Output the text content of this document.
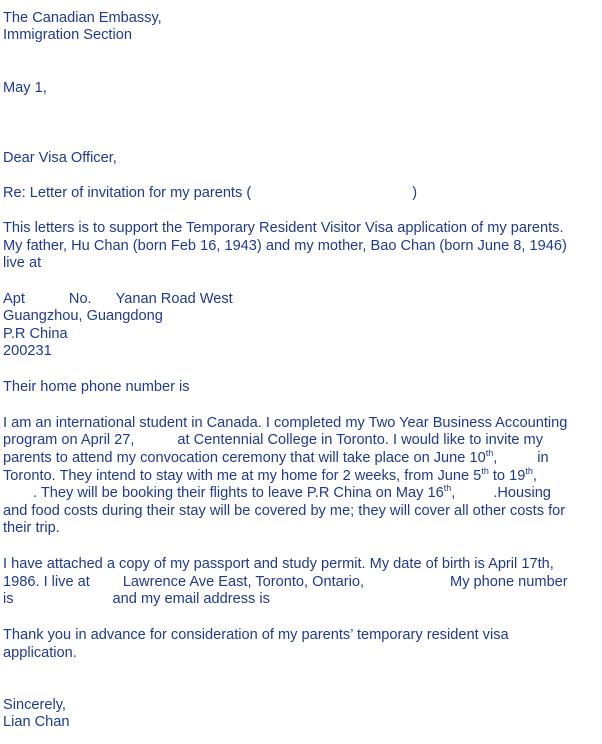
The Canadian Embassy,
Immigration Section
May 1,
Dear Visa Officer,
Re: Letter of invitation for my parents (	)
This letters is to support the Temporary Resident Visitor Visa application of my parents.
My father, Hu Chan (born Feb 16, 1943) and my mother, Bao Chan (born June 8, 1946)
live at
Apt	No. Yanan Road West
Guangzhou, Guangdong
P.R China
200231
Their home phone number is
I am an international student in Canada. I completed my Two Year Business Accounting
program on April 27,	at Centennial College in Toronto. I would like to invite my
parents to attend my convocation ceremony that will take place on June 10th,	in
Toronto. They intend to stay with me at my home for 2 weeks, from June 5th to 19th,
. They will be booking their flights to leave P.R China on May 16th,	.Housing
and food costs during their stay will be covered by me; they will cover all other costs for
their trip.
I have attached a copy of my passport and study permit. My date of birth is April 17th,
1986. I live at Lawrence Ave East, Toronto, Ontario,	My phone number
is	and my email address is
Thank you in advance for consideration of my parents’ temporary resident visa
application.
Sincerely,
Lian Chan
